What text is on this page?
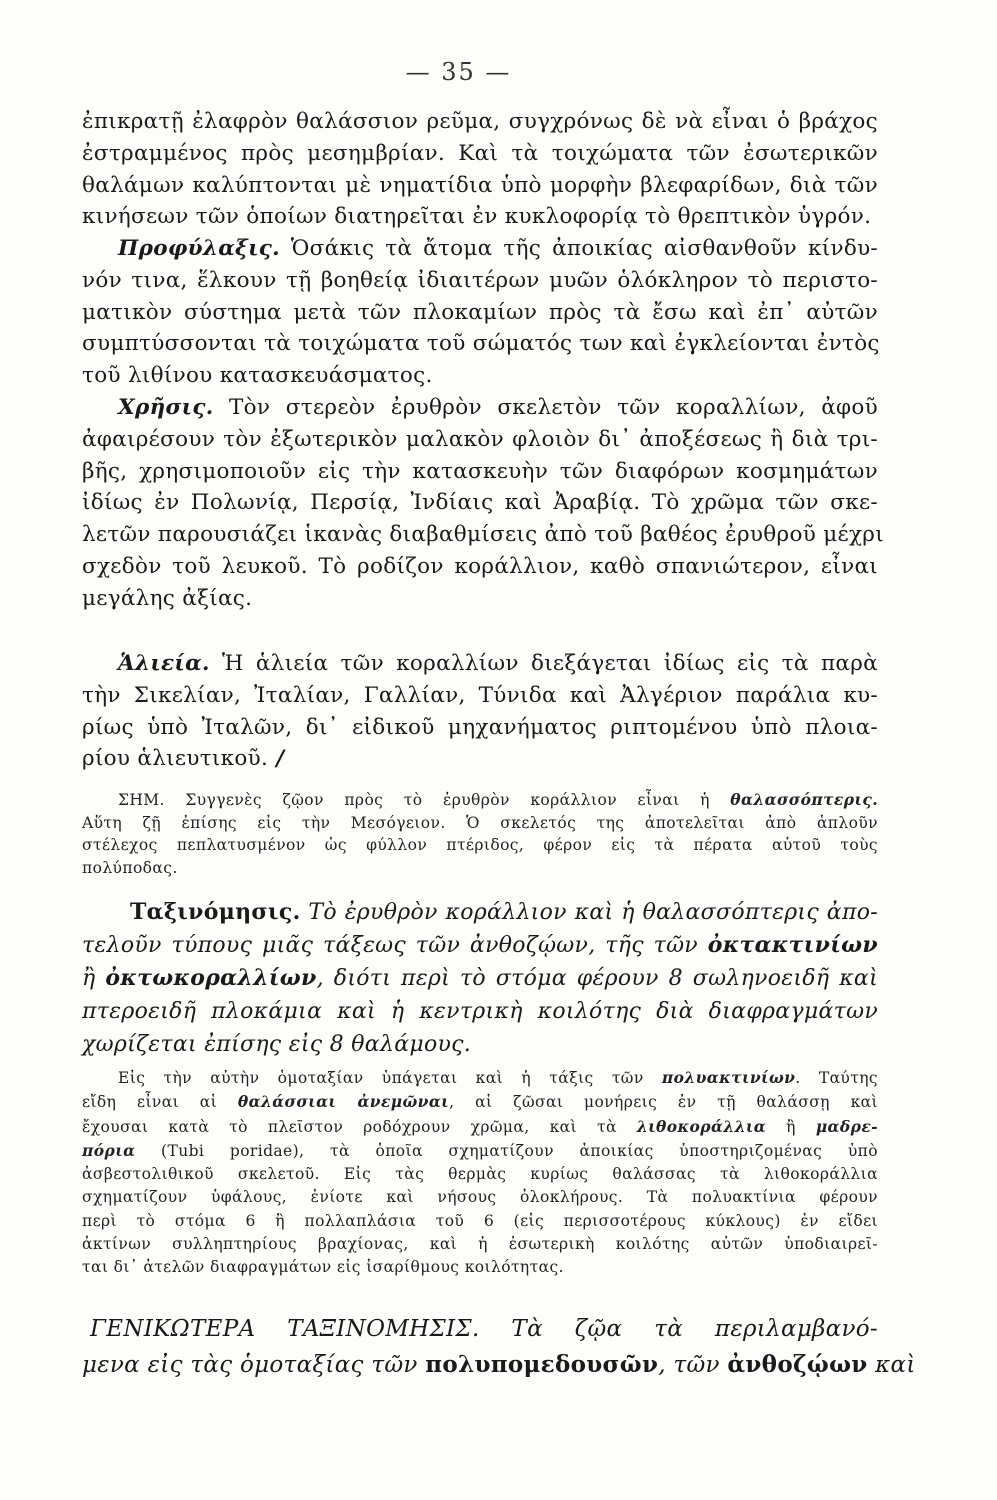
— 35 —
ἐπικρατῇ ἐλαφρὸν θαλάσσιον ρεῦμα, συγχρόνως δὲ νὰ εἶναι ὁ βράχος
ἐστραμμένος πρὸς μεσημβρίαν. Καὶ τὰ τοιχώματα τῶν ἐσωτερικῶν
θαλάμων καλύπτονται μὲ νηματίδια ὑπὸ μορφὴν βλεφαρίδων, διὰ τῶν
κινήσεων τῶν ὁποίων διατηρεῖται ἐν κυκλοφορίᾳ τὸ θρεπτικὸν ὑγρόν.
Προφύλαξις. Ὁσάκις τὰ ἄτομα τῆς ἀποικίας αἰσθανθοῦν κίνδυ-
νόν τινα, ἕλκουν τῇ βοηθείᾳ ἰδιαιτέρων μυῶν ὁλόκληρον τὸ περιστο-
ματικὸν σύστημα μετὰ τῶν πλοκαμίων πρὸς τὰ ἔσω καὶ ἐπ᾿ αὐτῶν
συμπτύσσονται τὰ τοιχώματα τοῦ σώματός των καὶ ἐγκλείονται ἐντὸς
τοῦ λιθίνου κατασκευάσματος.
Χρῆσις. Τὸν στερεὸν ἐρυθρὸν σκελετὸν τῶν κοραλλίων, ἀφοῦ
ἀφαιρέσουν τὸν ἐξωτερικὸν μαλακὸν φλοιὸν δι᾿ ἀποξέσεως ἢ διὰ τρι-
βῆς, χρησιμοποιοῦν εἰς τὴν κατασκευὴν τῶν διαφόρων κοσμημάτων
ἰδίως ἐν Πολωνίᾳ, Περσίᾳ, Ἰνδίαις καὶ Ἀραβίᾳ. Τὸ χρῶμα τῶν σκε-
λετῶν παρουσιάζει ἱκανὰς διαβαθμίσεις ἀπὸ τοῦ βαθέος ἐρυθροῦ μέχρι
σχεδὸν τοῦ λευκοῦ. Τὸ ροδίζον κοράλλιον, καθὸ σπανιώτερον, εἶναι
μεγάλης ἀξίας.
Ἁλιεία. Ἡ ἁλιεία τῶν κοραλλίων διεξάγεται ἰδίως εἰς τὰ παρὰ
τὴν Σικελίαν, Ἰταλίαν, Γαλλίαν, Τύνιδα καὶ Ἀλγέριον παράλια κυ-
ρίως ὑπὸ Ἰταλῶν, δι᾿ εἰδικοῦ μηχανήματος ριπτομένου ὑπὸ πλοια-
ρίου ἁλιευτικοῦ. /
ΣΗΜ. Συγγενὲς ζῷον πρὸς τὸ ἐρυθρὸν κοράλλιον εἶναι ἡ θαλασσόπτερις.
Αὕτη ζῇ ἐπίσης εἰς τὴν Μεσόγειον. Ὁ σκελετός της ἀποτελεῖται ἀπὸ ἁπλοῦν
στέλεχος πεπλατυσμένον ὡς φύλλον πτέριδος, φέρον εἰς τὰ πέρατα αὐτοῦ τοὺς
πολύποδας.
Ταξινόμησις. Τὸ ἐρυθρὸν κοράλλιον καὶ ἡ θαλασσόπτερις ἀπο-
τελοῦν τύπους μιᾶς τάξεως τῶν ἀνθοζῴων, τῆς τῶν ὀκτακτινίων
ἢ ὀκτωκοραλλίων, διότι περὶ τὸ στόμα φέρουν 8 σωληνοειδῆ καὶ
πτεροειδῆ πλοκάμια καὶ ἡ κεντρικὴ κοιλότης διὰ διαφραγμάτων
χωρίζεται ἐπίσης εἰς 8 θαλάμους.
Εἰς τὴν αὐτὴν ὁμοταξίαν ὑπάγεται καὶ ἡ τάξις τῶν πολυακτινίων. Ταύτης
εἴδη εἶναι αἱ θαλάσσιαι ἀνεμῶναι, αἱ ζῶσαι μονήρεις ἐν τῇ θαλάσσῃ καὶ
ἔχουσαι κατὰ τὸ πλεῖστον ροδόχρουν χρῶμα, καὶ τὰ λιθοκοράλλια ἢ μαδρε-
πόρια (Tubi poridae), τὰ ὁποῖα σχηματίζουν ἀποικίας ὑποστηριζομένας ὑπὸ
ἀσβεστολιθικοῦ σκελετοῦ. Εἰς τὰς θερμὰς κυρίως θαλάσσας τὰ λιθοκοράλλια
σχηματίζουν ὑφάλους, ἐνίοτε καὶ νήσους ὁλοκλήρους. Τὰ πολυακτίνια φέρουν
περὶ τὸ στόμα 6 ἢ πολλαπλάσια τοῦ 6 (εἰς περισσοτέρους κύκλους) ἐν εἴδει
ἀκτίνων συλληπτηρίους βραχίονας, καὶ ἡ ἐσωτερικὴ κοιλότης αὐτῶν ὑποδιαιρεῖ-
ται δι᾿ ἀτελῶν διαφραγμάτων εἰς ἰσαρίθμους κοιλότητας.
ΓΕΝΙΚΩΤΕΡΑ ΤΑΞΙΝΟΜΗΣΙΣ. Τὰ ζῷα τὰ περιλαμβανό-
μενα εἰς τὰς ὁμοταξίας τῶν πολυπομεδουσῶν, τῶν ἀνθοζῴων καὶ
